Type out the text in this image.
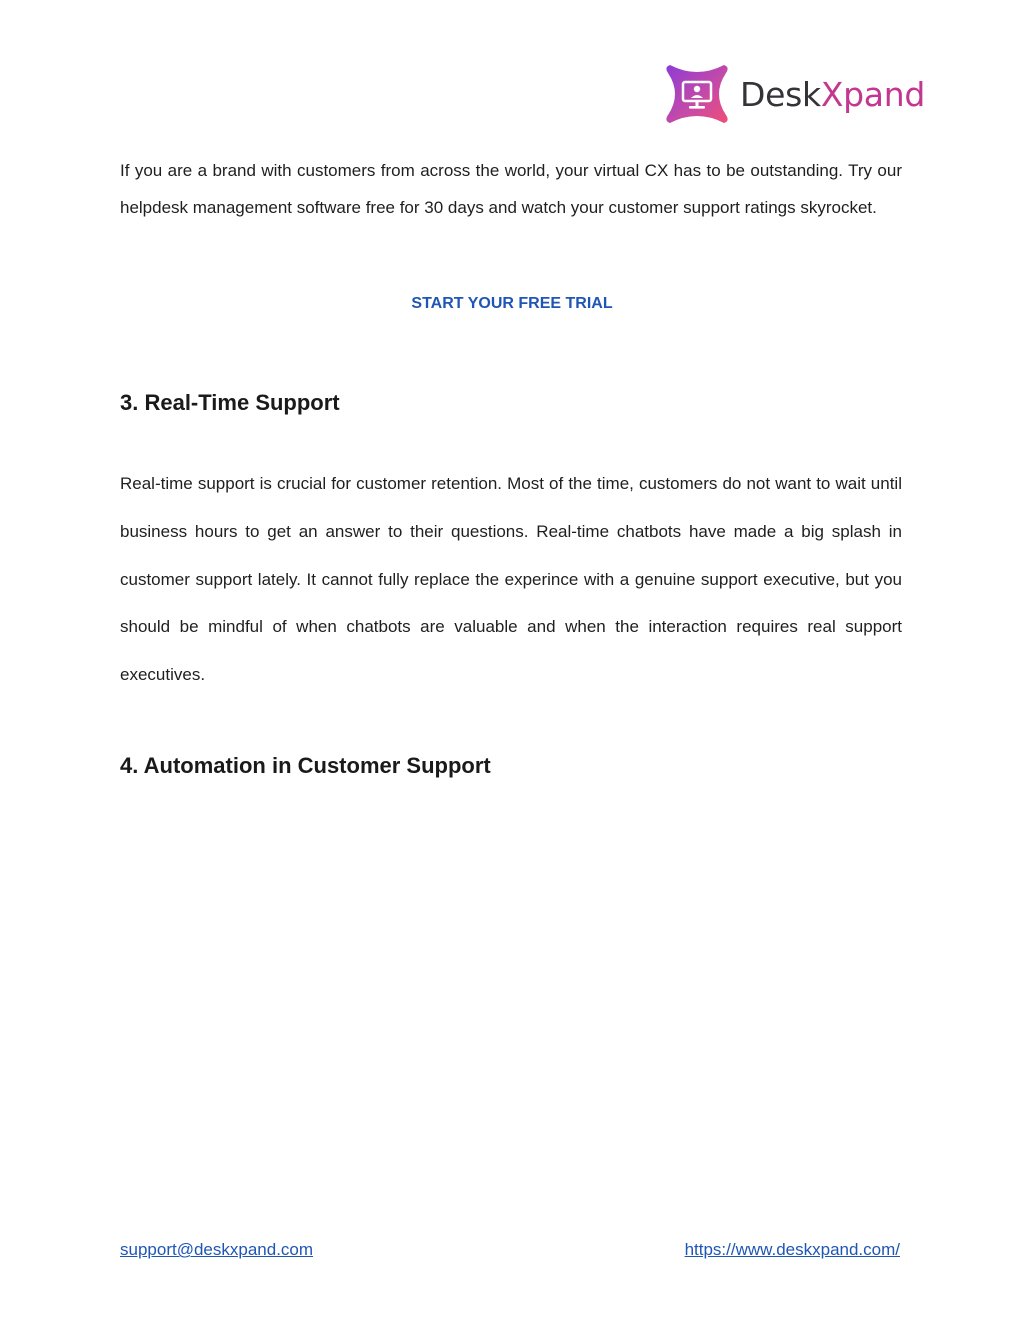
DeskXpand

If you are a brand with customers from across the world, your virtual CX has to be outstanding. Try our helpdesk management software free for 30 days and watch your customer support ratings skyrocket.

START YOUR FREE TRIAL
3. Real-Time Support

Real-time support is crucial for customer retention. Most of the time, customers do not want to wait until business hours to get an answer to their questions. Real-time chatbots have made a big splash in customer support lately. It cannot fully replace the experince with a genuine support executive, but you should be mindful of when chatbots are valuable and when the interaction requires real support executives.

4. Automation in Customer Support
support@deskxpand.com	https://www.deskxpand.com/
